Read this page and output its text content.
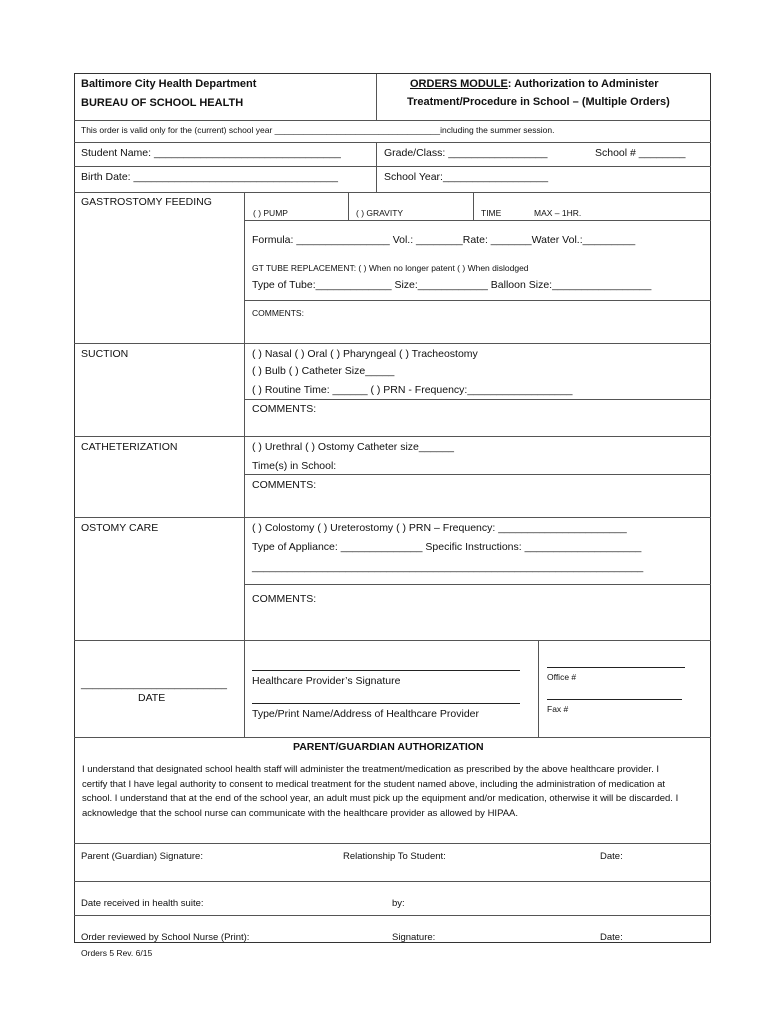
Baltimore City Health Department
BUREAU OF SCHOOL HEALTH
ORDERS MODULE: Authorization to Administer
Treatment/Procedure in School – (Multiple Orders)
This order is valid only for the (current) school year ___________________________________including the summer session.
Student Name: ________________________________	Grade/Class: _________________	School # ________
Birth Date: ___________________________________	School Year:__________________
GASTROSTOMY FEEDING
( ) PUMP	( ) GRAVITY	TIME	MAX – 1HR.
Formula: ________________ Vol.: ________Rate: _______Water Vol.:_________
GT TUBE REPLACEMENT: ( ) When no longer patent ( ) When dislodged
Type of Tube:_____________ Size:____________ Balloon Size:_________________
COMMENTS:
SUCTION	( ) Nasal ( ) Oral ( ) Pharyngeal ( ) Tracheostomy
( ) Bulb ( ) Catheter Size_____
( ) Routine Time: ______ ( ) PRN - Frequency:__________________
COMMENTS:
CATHETERIZATION	( ) Urethral ( ) Ostomy Catheter size______
Time(s) in School:
COMMENTS:
OSTOMY CARE	( ) Colostomy ( ) Ureterostomy ( ) PRN – Frequency: ______________________
Type of Appliance: ______________ Specific Instructions: ____________________
___________________________________________________________________
COMMENTS:
_________________________
DATE
Healthcare Provider’s Signature
Type/Print Name/Address of Healthcare Provider
Office #
Fax #
PARENT/GUARDIAN AUTHORIZATION
I understand that designated school health staff will administer the treatment/medication as prescribed by the above healthcare provider. I certify that I have legal authority to consent to medical treatment for the student named above, including the administration of medication at school. I understand that at the end of the school year, an adult must pick up the equipment and/or medication, otherwise it will be discarded. I acknowledge that the school nurse can communicate with the healthcare provider as allowed by HIPAA.
Parent (Guardian) Signature:	Relationship To Student:	Date:
Date received in health suite:	by:
Order reviewed by School Nurse (Print):	Signature:	Date:
Orders 5 Rev. 6/15
